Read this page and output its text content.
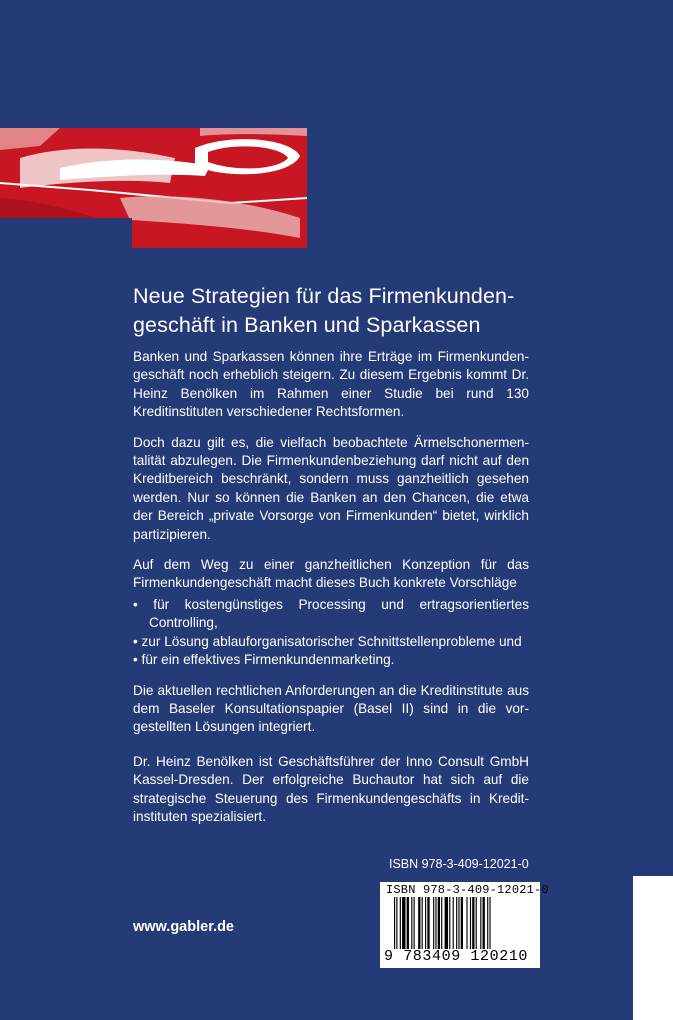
Neue Strategien für das Firmenkunden-
geschäft in Banken und Sparkassen

Banken und Sparkassen können ihre Erträge im Firmenkunden-geschäft noch erheblich steigern. Zu diesem Ergebnis kommt Dr. Heinz Benölken im Rahmen einer Studie bei rund 130 Kreditinstituten verschiedener Rechtsformen.

Doch dazu gilt es, die vielfach beobachtete Ärmelschonermen-talität abzulegen. Die Firmenkundenbeziehung darf nicht auf den Kreditbereich beschränkt, sondern muss ganzheitlich gesehen werden. Nur so können die Banken an den Chancen, die etwa der Bereich „private Vorsorge von Firmenkunden“ bietet, wirklich partizipieren.

Auf dem Weg zu einer ganzheitlichen Konzeption für das Firmenkundengeschäft macht dieses Buch konkrete Vorschläge

• für kostengünstiges Processing und ertragsorientiertes Controlling,
• zur Lösung ablauforganisatorischer Schnittstellenprobleme und
• für ein effektives Firmenkundenmarketing.

Die aktuellen rechtlichen Anforderungen an die Kreditinstitute aus dem Baseler Konsultationspapier (Basel II) sind in die vor-gestellten Lösungen integriert.

Dr. Heinz Benölken ist Geschäftsführer der Inno Consult GmbH Kassel-Dresden. Der erfolgreiche Buchautor hat sich auf die strategische Steuerung des Firmenkundengeschäfts in Kredit-instituten spezialisiert.

ISBN 978-3-409-12021-0
ISBN 978-3-409-12021-0
9 783409 120210
www.gabler.de
